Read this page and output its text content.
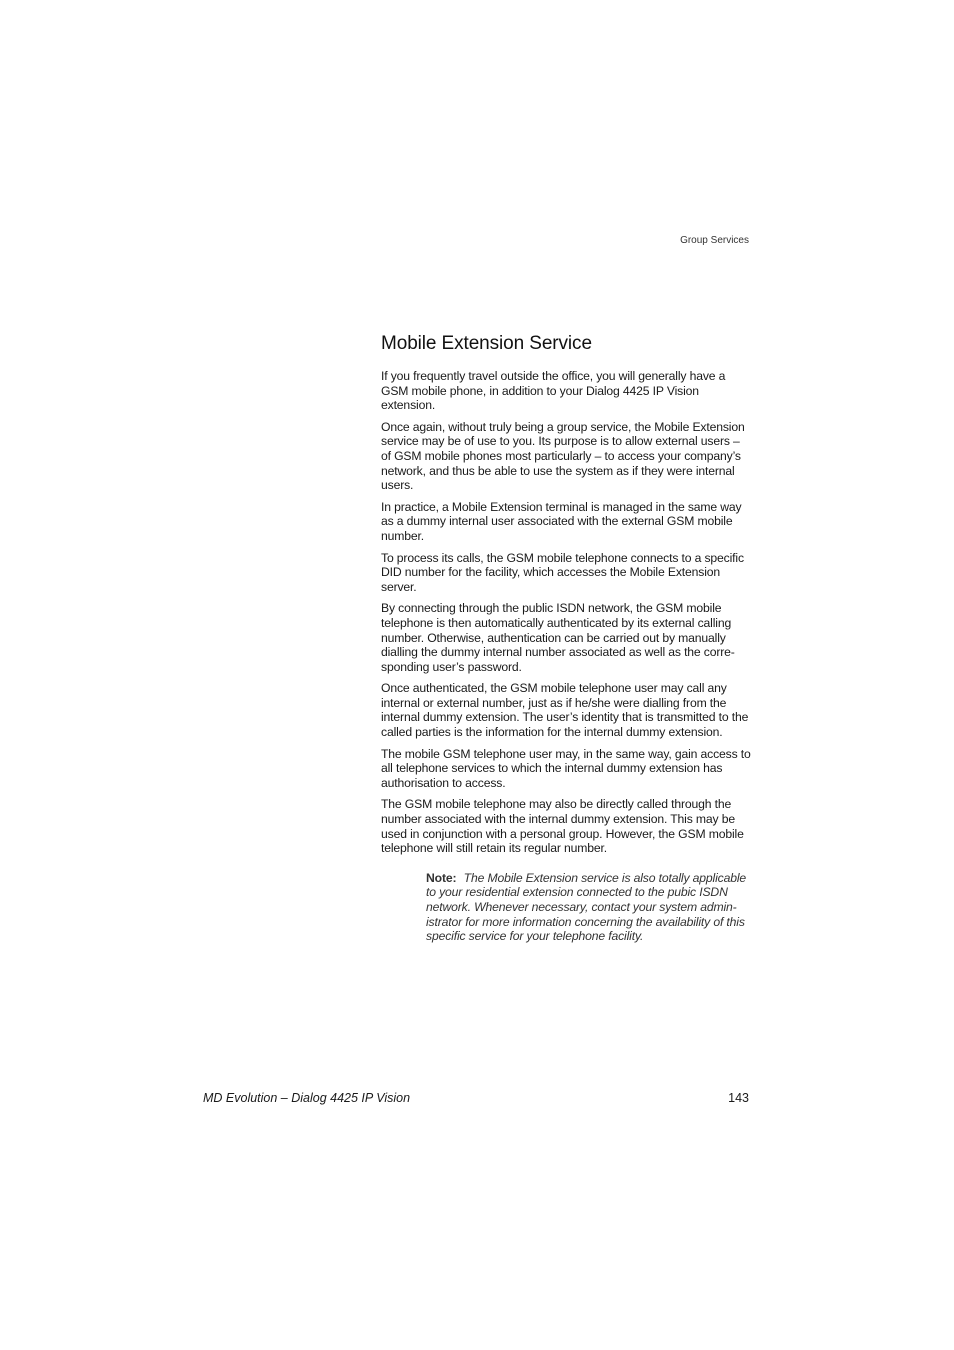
Group Services
Mobile Extension Service

If you frequently travel outside the office, you will generally have a GSM mobile phone, in addition to your Dialog 4425 IP Vision extension.

Once again, without truly being a group service, the Mobile Extension service may be of use to you. Its purpose is to allow external users – of GSM mobile phones most particularly – to access your company’s network, and thus be able to use the system as if they were internal users.

In practice, a Mobile Extension terminal is managed in the same way as a dummy internal user associated with the external GSM mobile number.

To process its calls, the GSM mobile telephone connects to a specific DID number for the facility, which accesses the Mobile Extension server.

By connecting through the public ISDN network, the GSM mobile telephone is then automatically authenticated by its external calling number. Otherwise, authentication can be carried out by manually dialling the dummy internal number associated as well as the corre-sponding user’s password.

Once authenticated, the GSM mobile telephone user may call any internal or external number, just as if he/she were dialling from the internal dummy extension. The user’s identity that is transmitted to the called parties is the information for the internal dummy extension.

The mobile GSM telephone user may, in the same way, gain access to all telephone services to which the internal dummy extension has authorisation to access.

The GSM mobile telephone may also be directly called through the number associated with the internal dummy extension. This may be used in conjunction with a personal group. However, the GSM mobile telephone will still retain its regular number.

Note: The Mobile Extension service is also totally applicable to your residential extension connected to the pubic ISDN network. Whenever necessary, contact your system admin-istrator for more information concerning the availability of this specific service for your telephone facility.
MD Evolution – Dialog 4425 IP Vision	143
